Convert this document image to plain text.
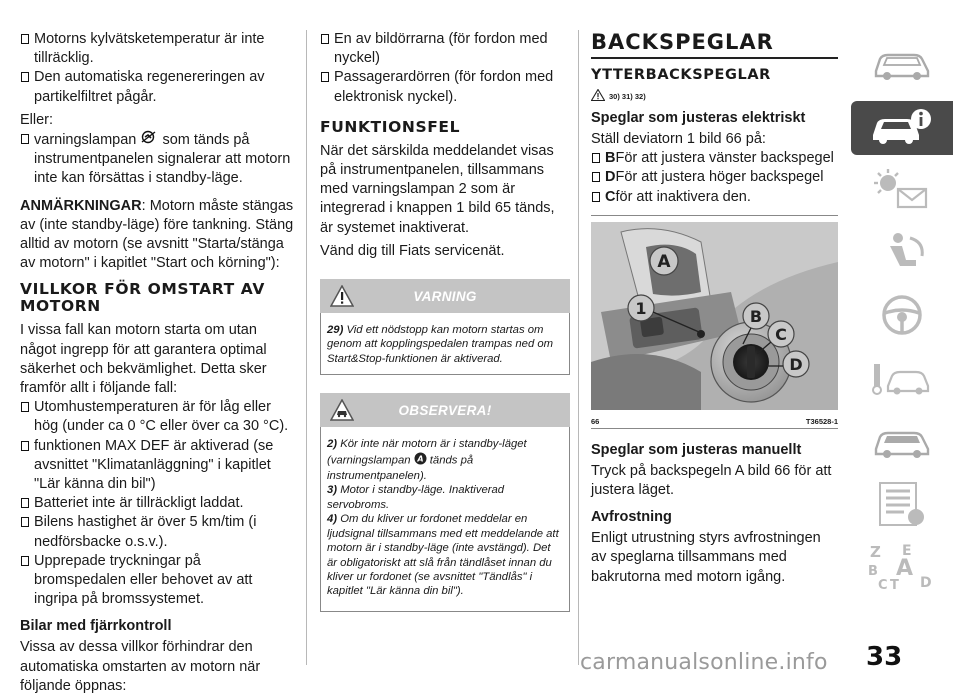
Motorns kylvätsketemperatur är inte tillräcklig.

Den automatiska regenereringen av partikelfiltret pågår.

Eller:

varningslampan som tänds på instrumentpanelen signalerar att motorn inte kan försättas i standby-läge.

ANMÄRKNINGAR: Motorn måste stängas av (inte standby-läge) före tankning. Stäng alltid av motorn (se avsnitt "Starta/stänga av motorn" i kapitlet "Start och körning"):

VILLKOR FÖR OMSTART AV MOTORN

I vissa fall kan motorn starta om utan något ingrepp för att garantera optimal säkerhet och bekvämlighet. Detta sker framför allt i följande fall:

Utomhustemperaturen är för låg eller hög (under ca 0 °C eller över ca 30 °C).

funktionen MAX DEF är aktiverad (se avsnittet "Klimatanläggning" i kapitlet "Lär känna din bil")

Batteriet inte är tillräckligt laddat.

Bilens hastighet är över 5 km/tim (i nedförsbacke o.s.v.).

Upprepade tryckningar på bromspedalen eller behovet av att ingripa på bromssystemet.

Bilar med fjärrkontroll

Vissa av dessa villkor förhindrar den automatiska omstarten av motorn när följande öppnas:

En av bildörrarna (för fordon med nyckel)

Passagerardörren (för fordon med elektronisk nyckel).

FUNKTIONSFEL

När det särskilda meddelandet visas på instrumentpanelen, tillsammans med varningslampan 2 som är integrerad i knappen 1 bild 65 tänds, är systemet inaktiverat.

Vänd dig till Fiats servicenät.

VARNING
29) Vid ett nödstopp kan motorn startas om genom att kopplingspedalen trampas ned om Start&Stop-funktionen är aktiverad.
OBSERVERA!
2) Kör inte när motorn är i standby-läget (varningslampan A tänds på instrumentpanelen).
3) Motor i standby-läge. Inaktiverad servobroms.
4) Om du kliver ur fordonet meddelar en ljudsignal tillsammans med ett meddelande att motorn är i standby-läge (inte avstängd). Det är obligatoriskt att slå från tändlåset innan du kliver ur fordonet (se avsnittet "Tändlås" i kapitlet "Lär känna din bil").
BACKSPEGLAR
YTTERBACKSPEGLAR
30) 31) 32)
Speglar som justeras elektriskt

Ställ deviatorn 1 bild 66 på:

BFör att justera vänster backspegel

DFör att justera höger backspegel

Cför att inaktivera den.

A
1	B
C
D
66	T36528-1
Speglar som justeras manuellt

Tryck på backspegeln A bild 66 för att justera läget.

Avfrostning

Enligt utrustning styrs avfrostningen av speglarna tillsammans med bakrutorna med motorn igång.

Z E
B A
C T D
carmanualsonline.info 33
